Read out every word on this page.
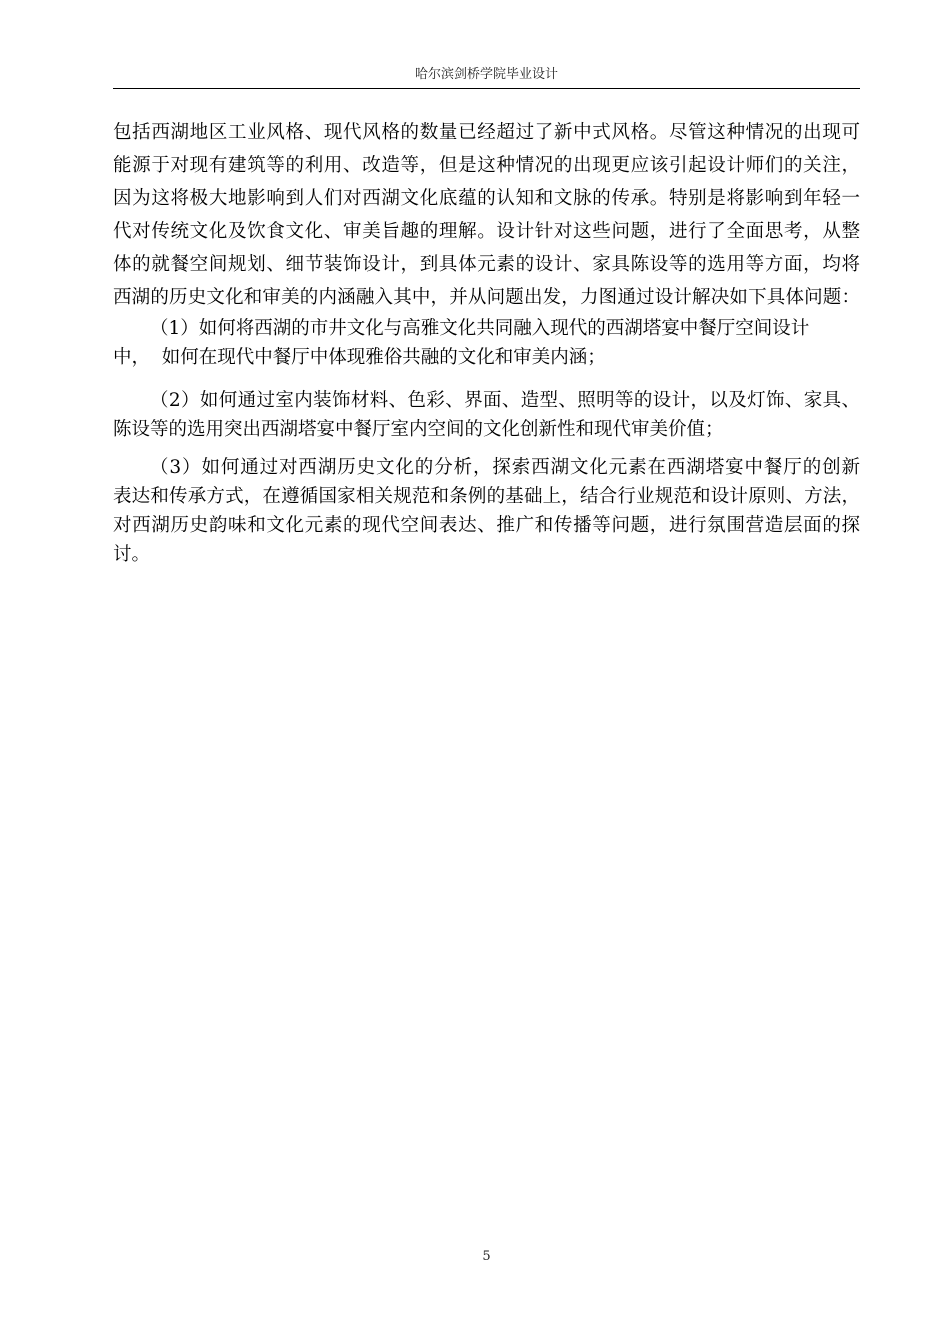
哈尔滨剑桥学院毕业设计
包括西湖地区工业风格、现代风格的数量已经超过了新中式风格。尽管这种情况的出现可
能源于对现有建筑等的利用、改造等，但是这种情况的出现更应该引起设计师们的关注，
因为这将极大地影响到人们对西湖文化底蕴的认知和文脉的传承。特别是将影响到年轻一
代对传统文化及饮食文化、审美旨趣的理解。设计针对这些问题，进行了全面思考，从整
体的就餐空间规划、细节装饰设计，到具体元素的设计、家具陈设等的选用等方面，均将
西湖的历史文化和审美的内涵融入其中，并从问题出发，力图通过设计解决如下具体问题：
（1）如何将西湖的市井文化与高雅文化共同融入现代的西湖塔宴中餐厅空间设计
中，  如何在现代中餐厅中体现雅俗共融的文化和审美内涵；
（2）如何通过室内装饰材料、色彩、界面、造型、照明等的设计，以及灯饰、家具、
陈设等的选用突出西湖塔宴中餐厅室内空间的文化创新性和现代审美价值；
（3）如何通过对西湖历史文化的分析，探索西湖文化元素在西湖塔宴中餐厅的创新
表达和传承方式，在遵循国家相关规范和条例的基础上，结合行业规范和设计原则、方法，
对西湖历史韵味和文化元素的现代空间表达、推广和传播等问题，进行氛围营造层面的探
讨。
5
